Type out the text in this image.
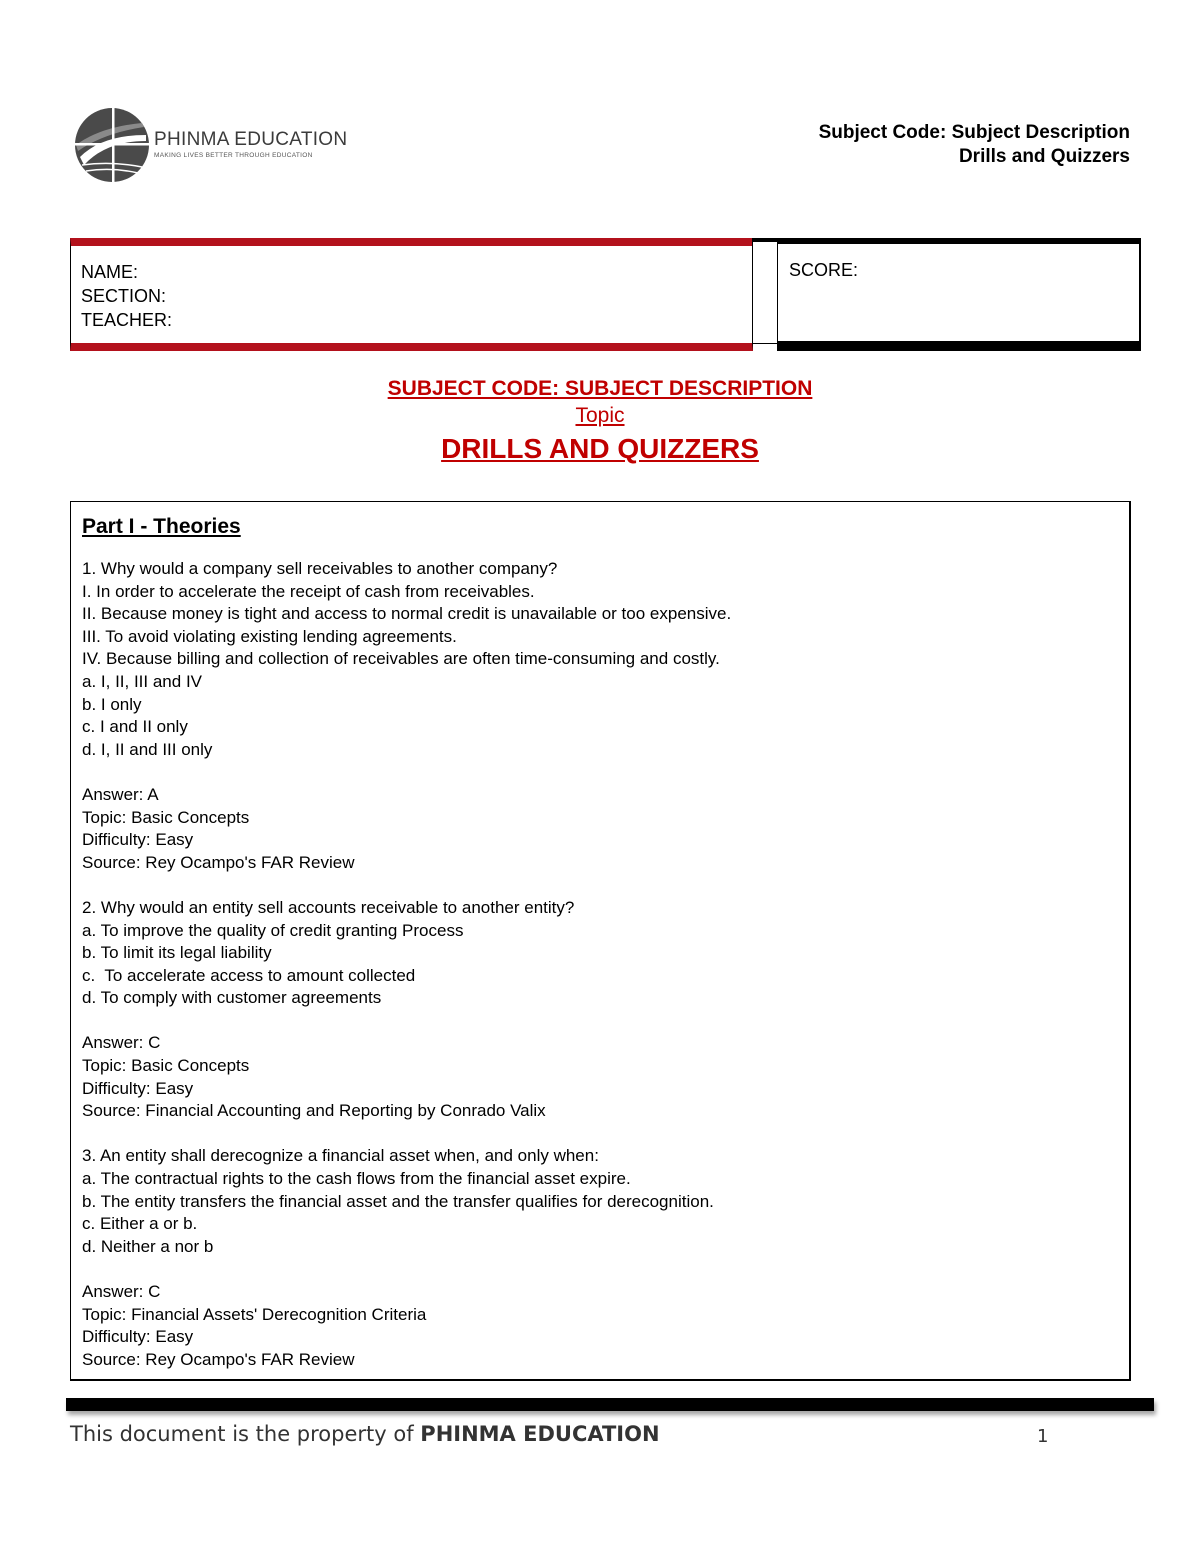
PHINMA EDUCATION
MAKING LIVES BETTER THROUGH EDUCATION
Subject Code: Subject Description
Drills and Quizzers
NAME:
SECTION:
TEACHER:
SCORE:
SUBJECT CODE: SUBJECT DESCRIPTION
Topic
DRILLS AND QUIZZERS
Part I - Theories
1. Why would a company sell receivables to another company?
I. In order to accelerate the receipt of cash from receivables.
II. Because money is tight and access to normal credit is unavailable or too expensive.
III. To avoid violating existing lending agreements.
IV. Because billing and collection of receivables are often time-consuming and costly.
a. I, II, III and IV
b. I only
c. I and II only
d. I, II and III only
Answer: A
Topic: Basic Concepts
Difficulty: Easy
Source: Rey Ocampo's FAR Review
2. Why would an entity sell accounts receivable to another entity?
a. To improve the quality of credit granting Process
b. To limit its legal liability
c.  To accelerate access to amount collected
d. To comply with customer agreements
Answer: C
Topic: Basic Concepts
Difficulty: Easy
Source: Financial Accounting and Reporting by Conrado Valix
3. An entity shall derecognize a financial asset when, and only when:
a. The contractual rights to the cash flows from the financial asset expire.
b. The entity transfers the financial asset and the transfer qualifies for derecognition.
c. Either a or b.
d. Neither a nor b
Answer: C
Topic: Financial Assets' Derecognition Criteria
Difficulty: Easy
Source: Rey Ocampo's FAR Review
This document is the property of PHINMA EDUCATION	1
